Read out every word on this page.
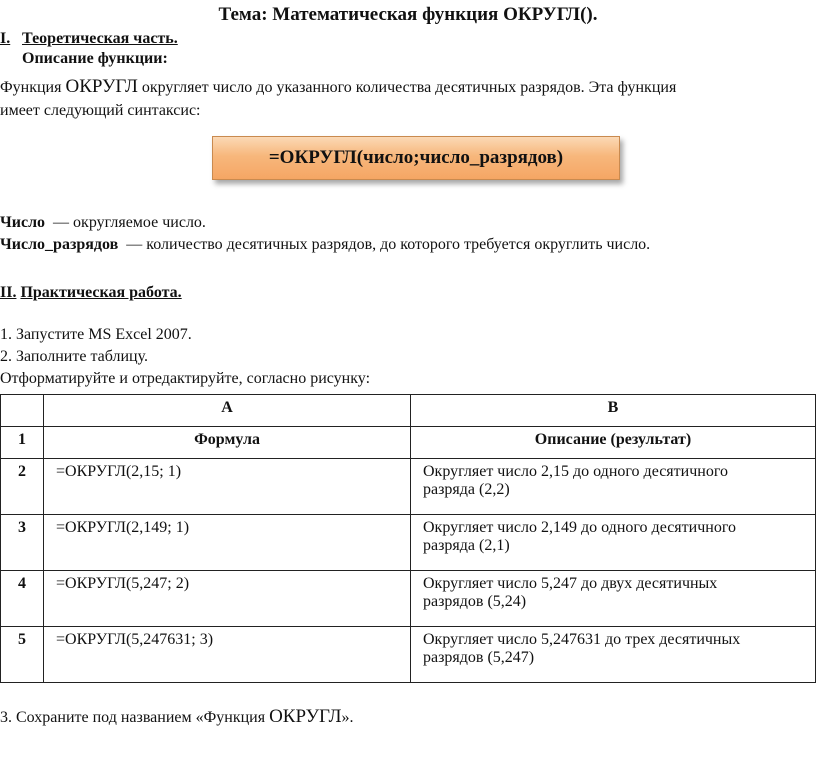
Тема: Математическая функция ОКРУГЛ().
I. Теоретическая часть.
Описание функции:
Функция ОКРУГЛ округляет число до указанного количества десятичных разрядов. Эта функция
имеет следующий синтаксис:
=ОКРУГЛ(число;число_разрядов)
Число — округляемое число.
Число_разрядов — количество десятичных разрядов, до которого требуется округлить число.
II. Практическая работа.
1. Запустите MS Excel 2007.
2. Заполните таблицу.
Отформатируйте и отредактируйте, согласно рисунку:
	A	B
1	Формула	Описание (результат)
2	=ОКРУГЛ(2,15; 1)	Округляет число 2,15 до одного десятичного
разряда (2,2)

3	=ОКРУГЛ(2,149; 1)	Округляет число 2,149 до одного десятичного
разряда (2,1)

4	=ОКРУГЛ(5,247; 2)	Округляет число 5,247 до двух десятичных
разрядов (5,24)

5	=ОКРУГЛ(5,247631; 3)	Округляет число 5,247631 до трех десятичных
разрядов (5,247)
3. Сохраните под названием «Функция ОКРУГЛ».
